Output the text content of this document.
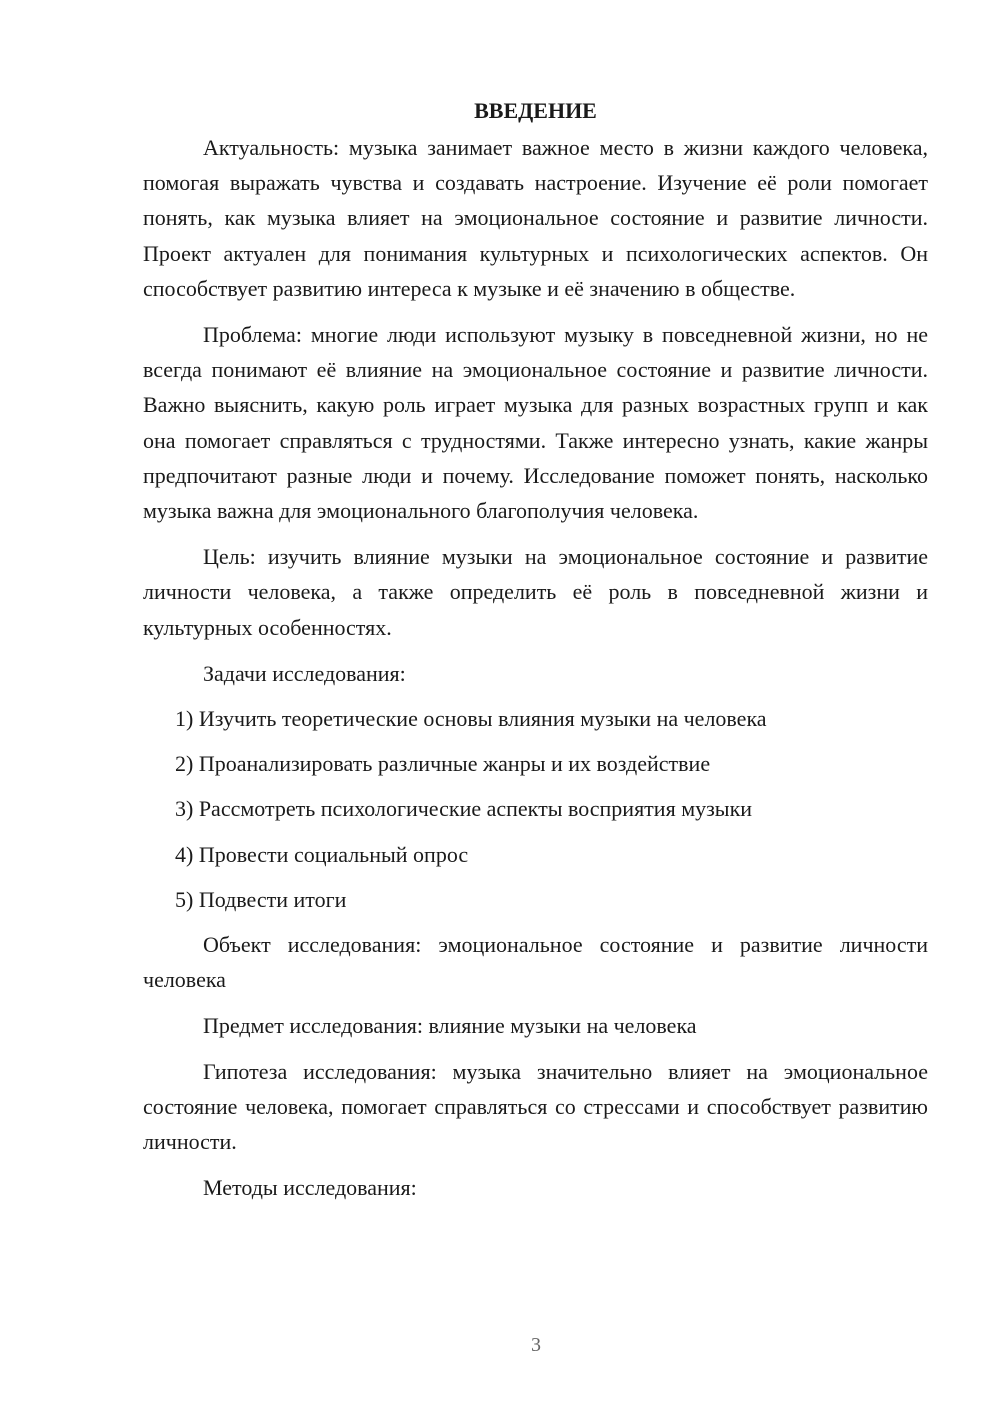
ВВЕДЕНИЕ

Актуальность: музыка занимает важное место в жизни каждого человека, помогая выражать чувства и создавать настроение. Изучение её роли помогает понять, как музыка влияет на эмоциональное состояние и развитие личности. Проект актуален для понимания культурных и психологических аспектов. Он способствует развитию интереса к музыке и её значению в обществе.

Проблема: многие люди используют музыку в повседневной жизни, но не всегда понимают её влияние на эмоциональное состояние и развитие личности. Важно выяснить, какую роль играет музыка для разных возрастных групп и как она помогает справляться с трудностями. Также интересно узнать, какие жанры предпочитают разные люди и почему. Исследование поможет понять, насколько музыка важна для эмоционального благополучия человека.

Цель: изучить влияние музыки на эмоциональное состояние и развитие личности человека, а также определить её роль в повседневной жизни и культурных особенностях.

Задачи исследования:

1) Изучить теоретические основы влияния музыки на человека
2) Проанализировать различные жанры и их воздействие
3) Рассмотреть психологические аспекты восприятия музыки
4) Провести социальный опрос
5) Подвести итоги

Объект исследования: эмоциональное состояние и развитие личности человека

Предмет исследования: влияние музыки на человека

Гипотеза исследования: музыка значительно влияет на эмоциональное состояние человека, помогает справляться со стрессами и способствует развитию личности.

Методы исследования:

3
